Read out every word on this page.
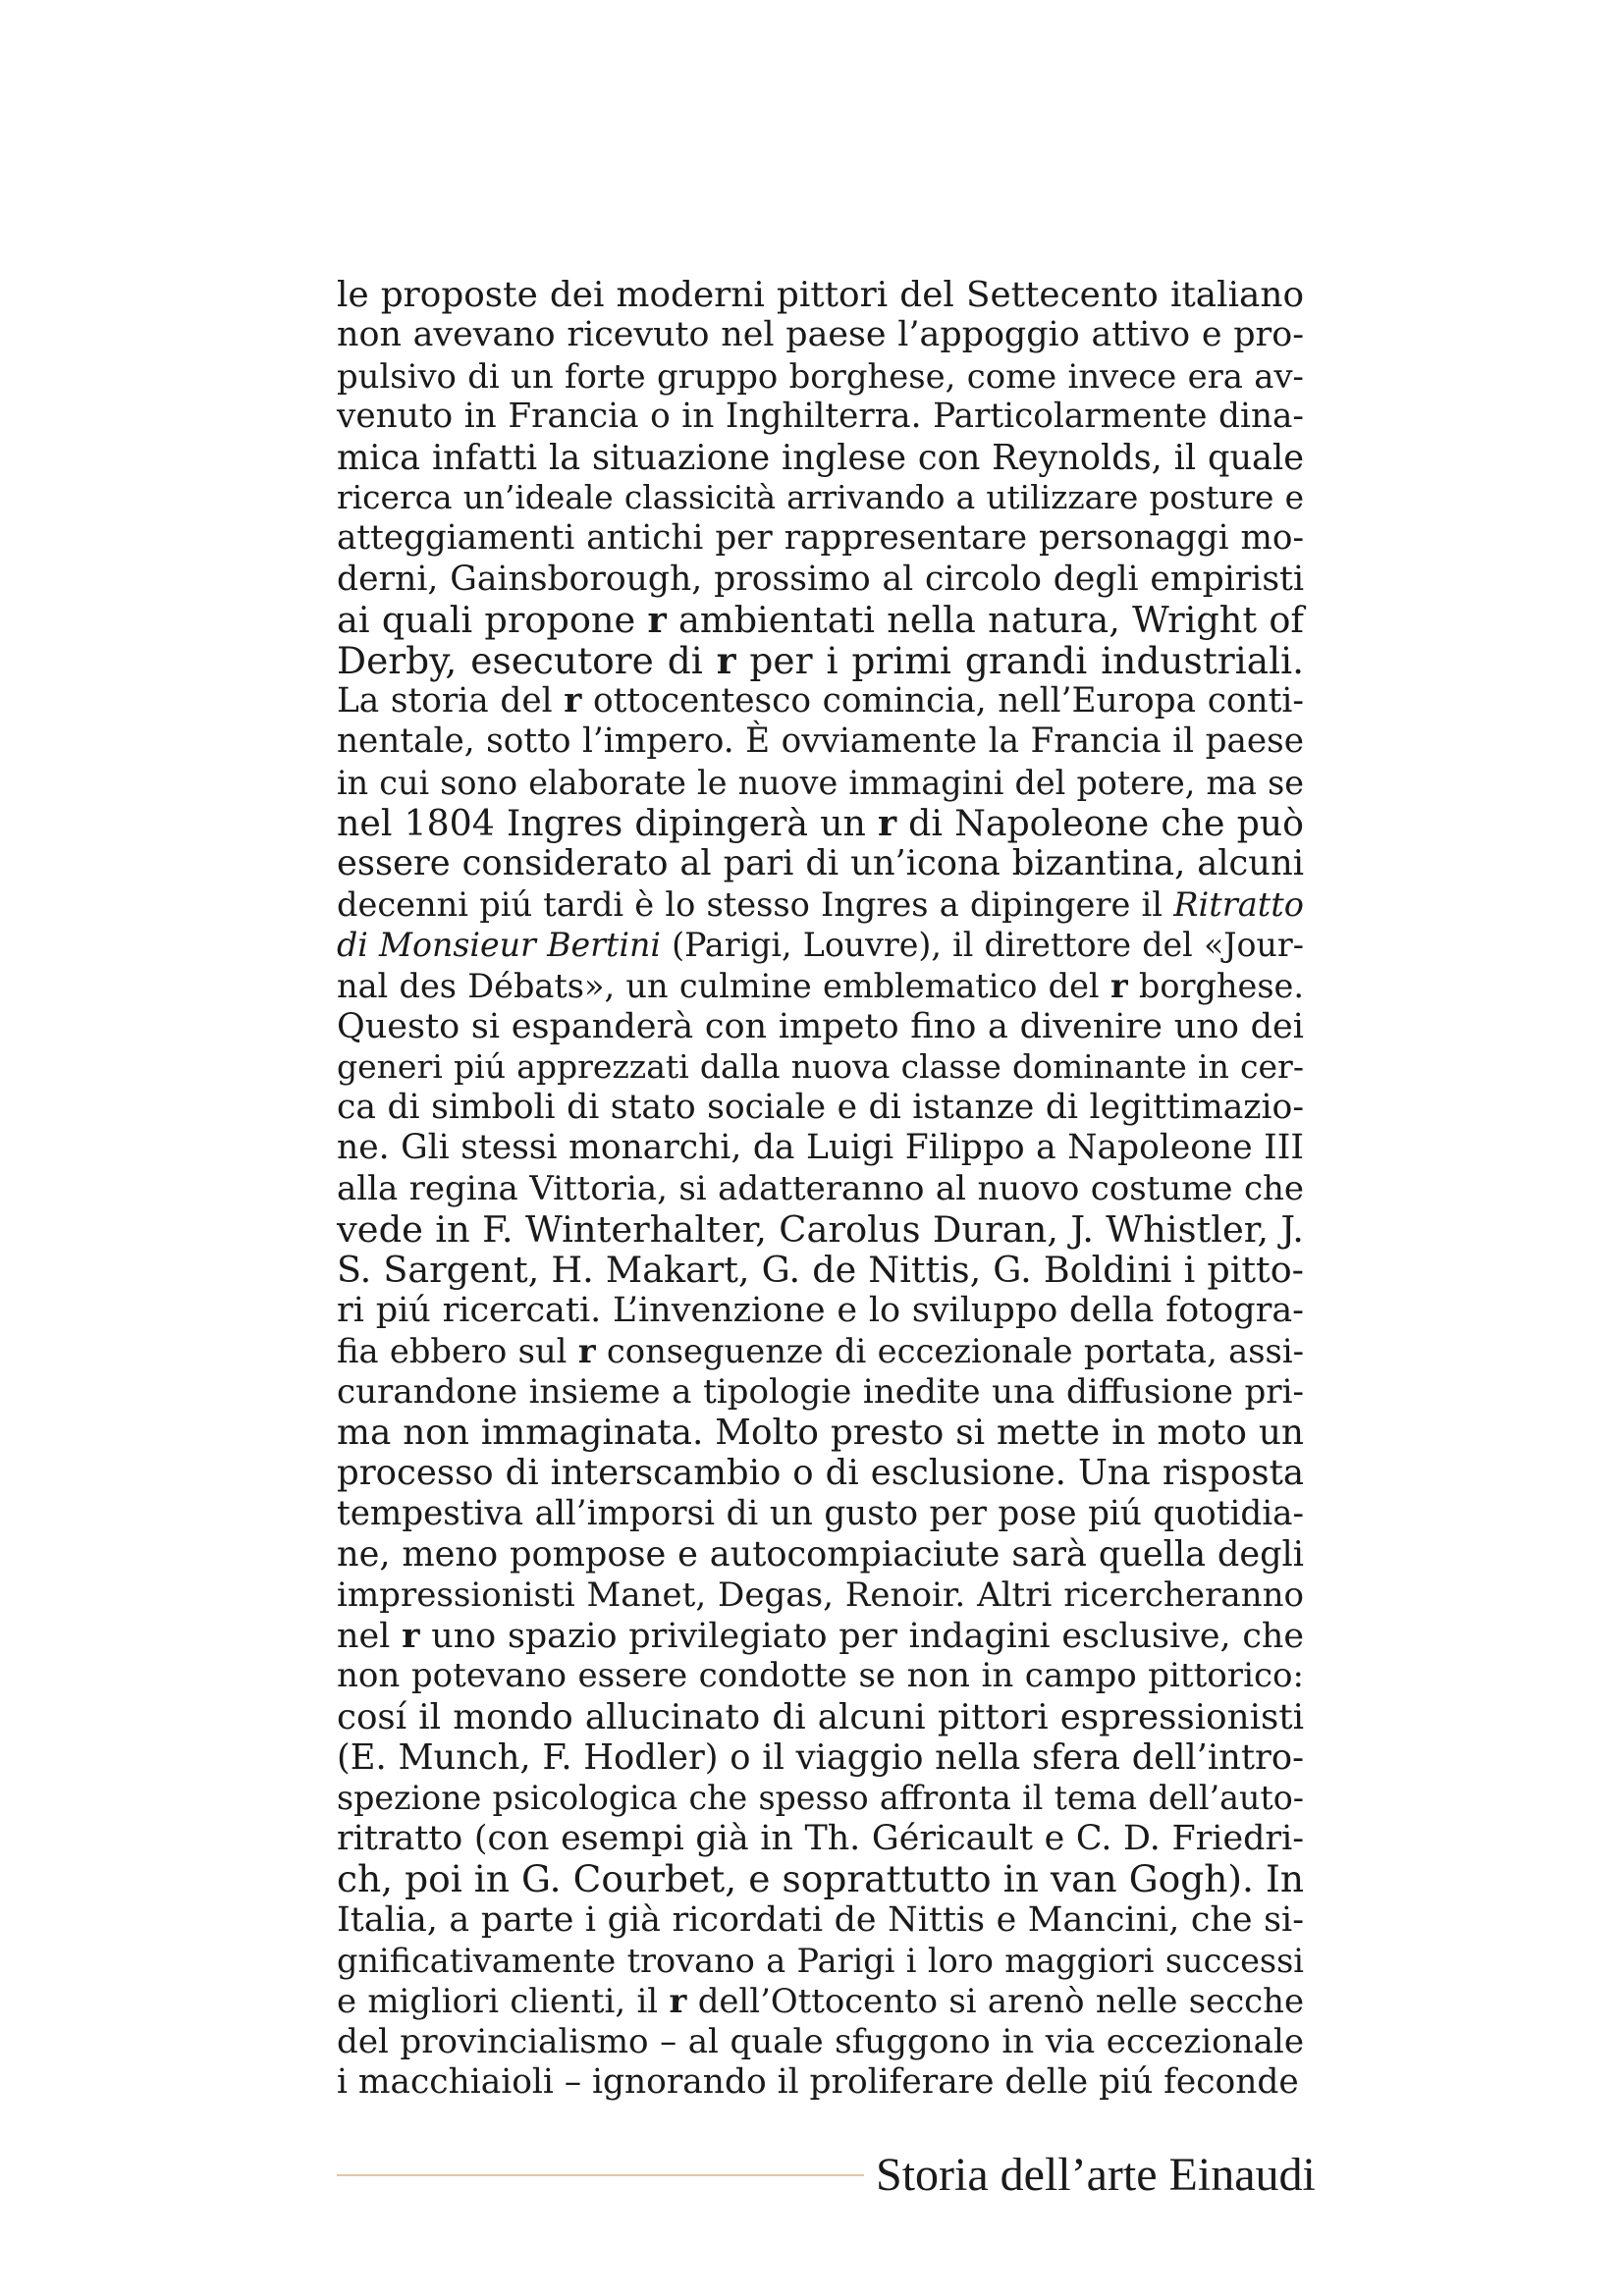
le proposte dei moderni pittori del Settecento italiano
non avevano ricevuto nel paese l’appoggio attivo e pro-
pulsivo di un forte gruppo borghese, come invece era av-
venuto in Francia o in Inghilterra. Particolarmente dina-
mica infatti la situazione inglese con Reynolds, il quale
ricerca un’ideale classicità arrivando a utilizzare posture e
atteggiamenti antichi per rappresentare personaggi mo-
derni, Gainsborough, prossimo al circolo degli empiristi
ai quali propone r ambientati nella natura, Wright of
Derby, esecutore di r per i primi grandi industriali.
La storia del r ottocentesco comincia, nell’Europa conti-
nentale, sotto l’impero. È ovviamente la Francia il paese
in cui sono elaborate le nuove immagini del potere, ma se
nel 1804 Ingres dipingerà un r di Napoleone che può
essere considerato al pari di un’icona bizantina, alcuni
decenni piú tardi è lo stesso Ingres a dipingere il Ritratto
di Monsieur Bertini (Parigi, Louvre), il direttore del «Jour-
nal des Débats», un culmine emblematico del r borghese.
Questo si espanderà con impeto fino a divenire uno dei
generi piú apprezzati dalla nuova classe dominante in cer-
ca di simboli di stato sociale e di istanze di legittimazio-
ne. Gli stessi monarchi, da Luigi Filippo a Napoleone III
alla regina Vittoria, si adatteranno al nuovo costume che
vede in F. Winterhalter, Carolus Duran, J. Whistler, J.
S. Sargent, H. Makart, G. de Nittis, G. Boldini i pitto-
ri piú ricercati. L’invenzione e lo sviluppo della fotogra-
fia ebbero sul r conseguenze di eccezionale portata, assi-
curandone insieme a tipologie inedite una diffusione pri-
ma non immaginata. Molto presto si mette in moto un
processo di interscambio o di esclusione. Una risposta
tempestiva all’imporsi di un gusto per pose piú quotidia-
ne, meno pompose e autocompiaciute sarà quella degli
impressionisti Manet, Degas, Renoir. Altri ricercheranno
nel r uno spazio privilegiato per indagini esclusive, che
non potevano essere condotte se non in campo pittorico:
cosí il mondo allucinato di alcuni pittori espressionisti
(E. Munch, F. Hodler) o il viaggio nella sfera dell’intro-
spezione psicologica che spesso affronta il tema dell’auto-
ritratto (con esempi già in Th. Géricault e C. D. Friedri-
ch, poi in G. Courbet, e soprattutto in van Gogh). In
Italia, a parte i già ricordati de Nittis e Mancini, che si-
gnificativamente trovano a Parigi i loro maggiori successi
e migliori clienti, il r dell’Ottocento si arenò nelle secche
del provincialismo – al quale sfuggono in via eccezionale
i macchiaioli – ignorando il proliferare delle piú feconde
Storia dell’arte Einaudi
